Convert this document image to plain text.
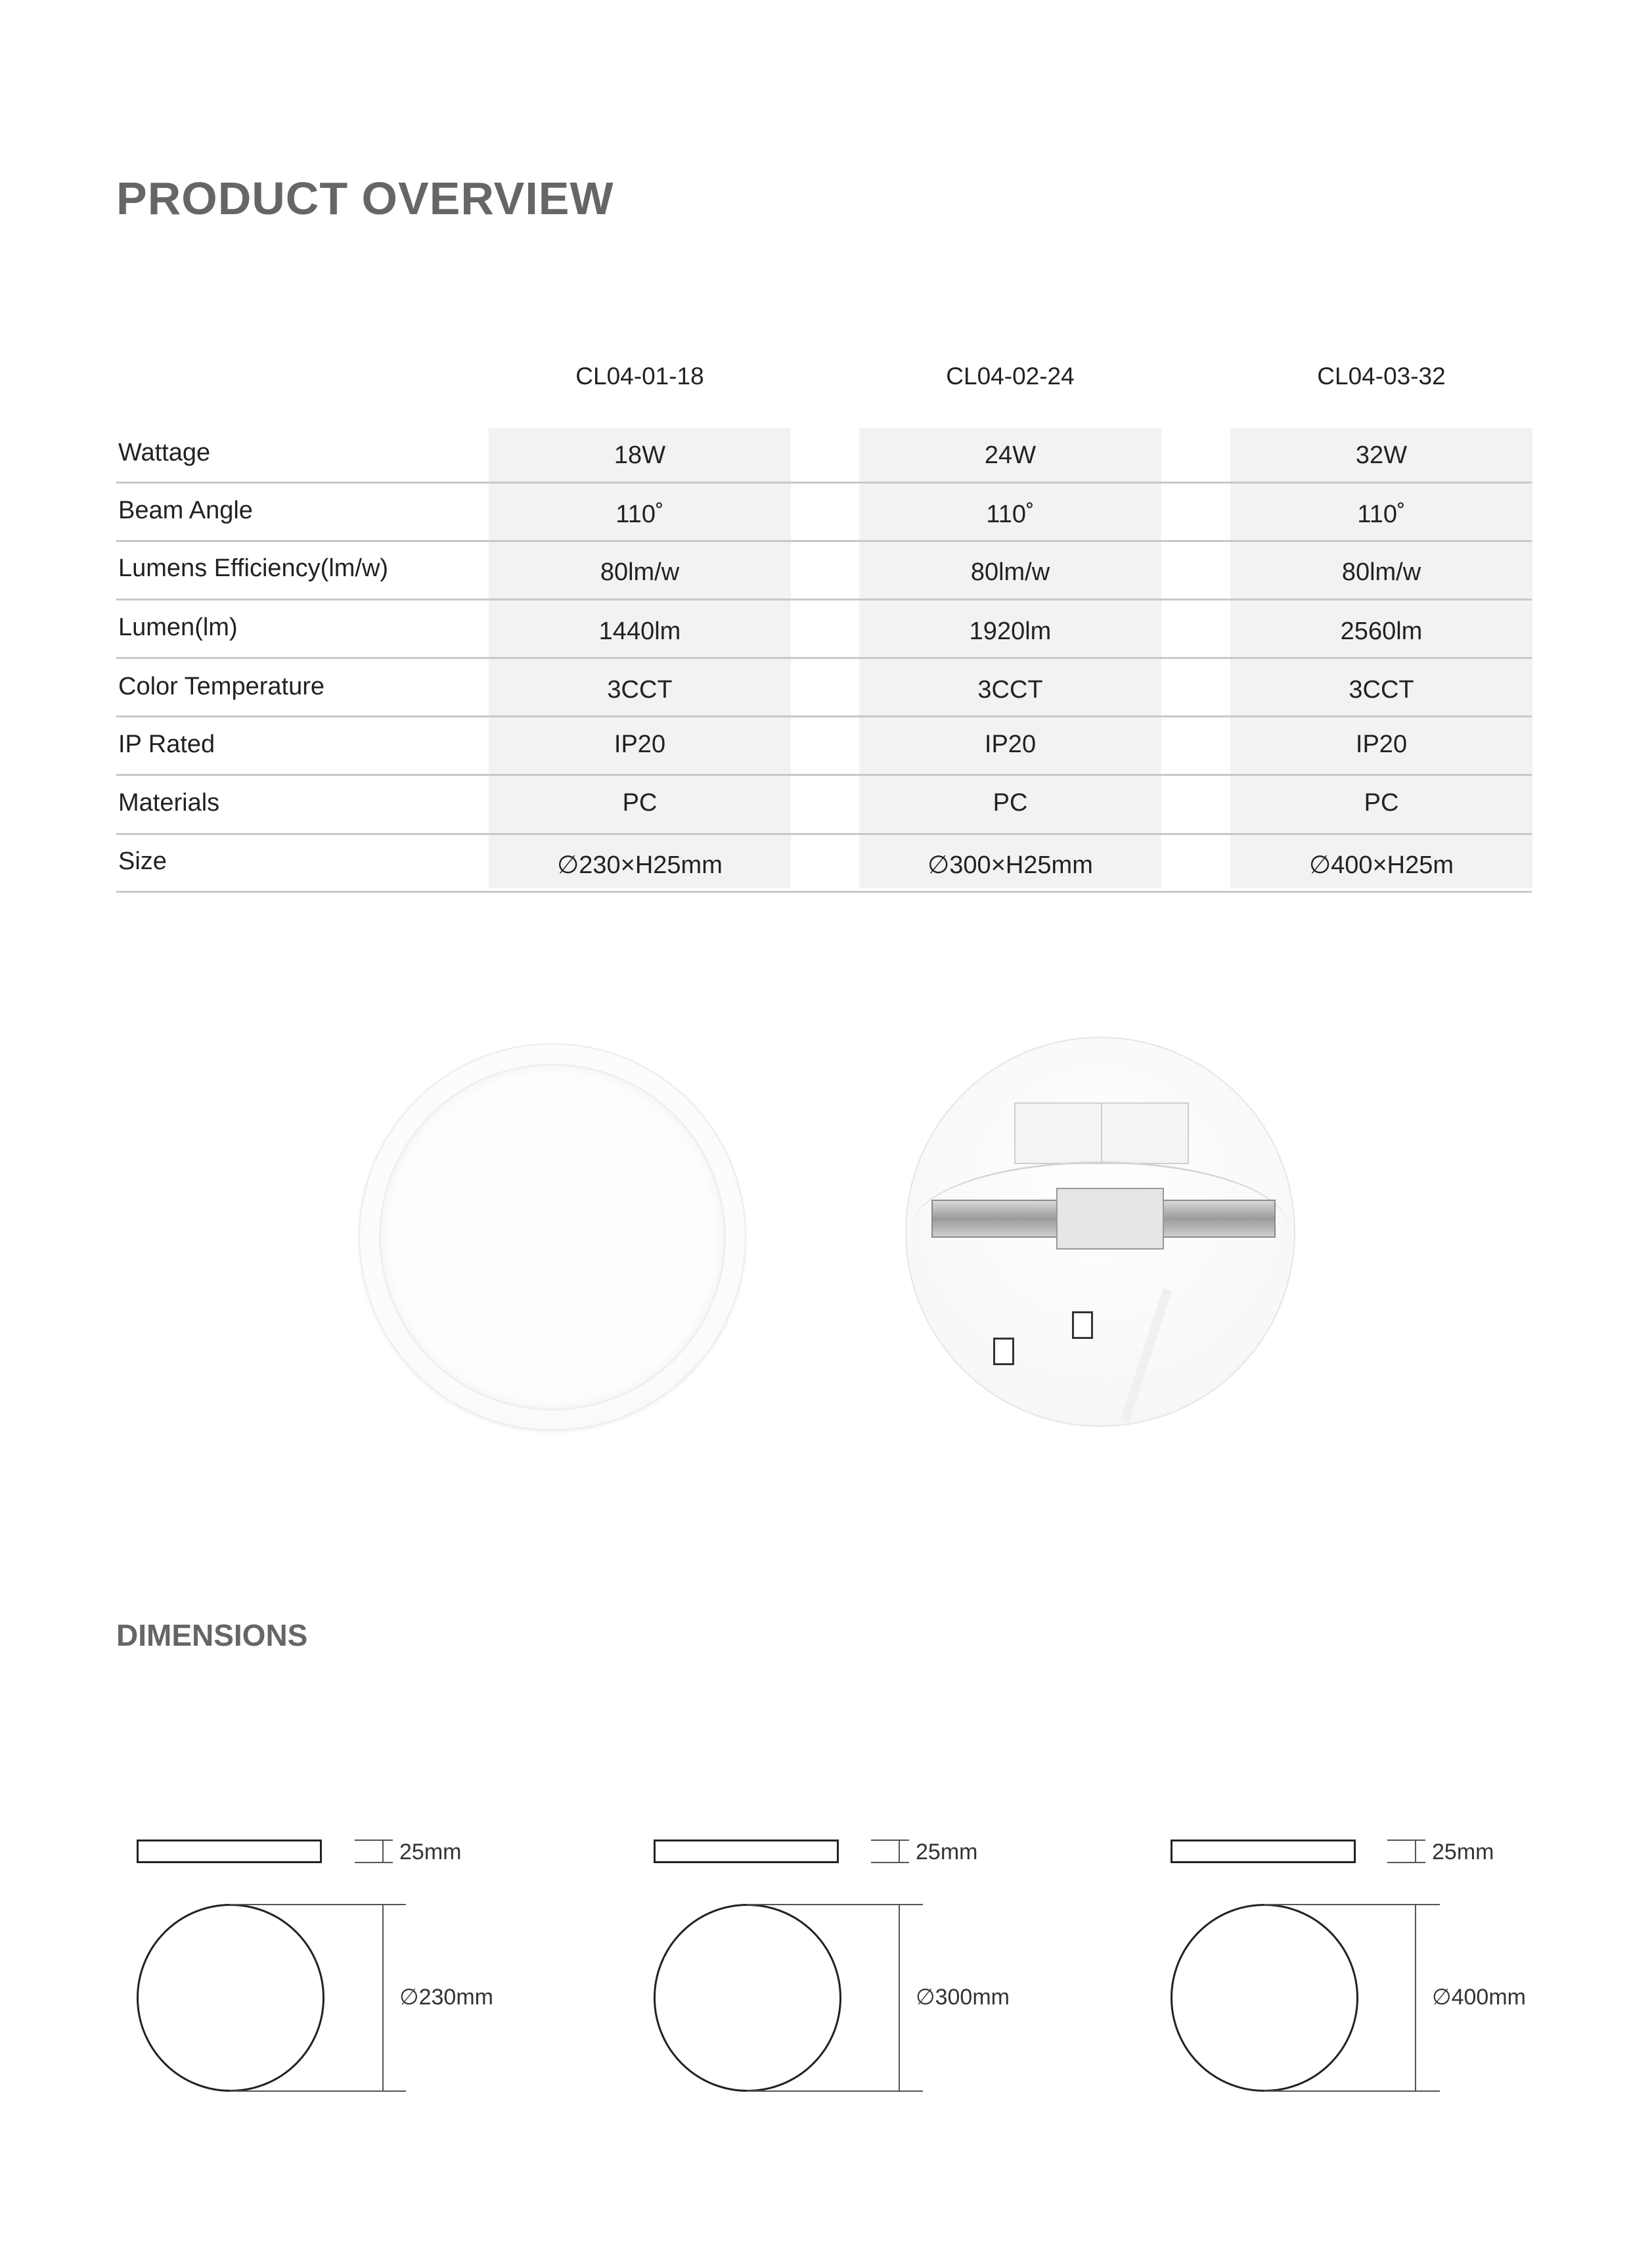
PRODUCT OVERVIEW
CL04-01-18	CL04-02-24	CL04-03-32
Wattage	18W	24W	32W
Beam Angle	110˚	110˚	110˚
Lumens Efficiency(lm/w)	80lm/w	80lm/w	80lm/w
Lumen(lm)	1440lm	1920lm	2560lm
Color Temperature	3CCT	3CCT	3CCT
IP Rated	IP20	IP20	IP20
Materials	PC	PC	PC
Size	∅230×H25mm	∅300×H25mm	∅400×H25m
DIMENSIONS
25mm
∅230mm
25mm
∅300mm
25mm
∅400mm
